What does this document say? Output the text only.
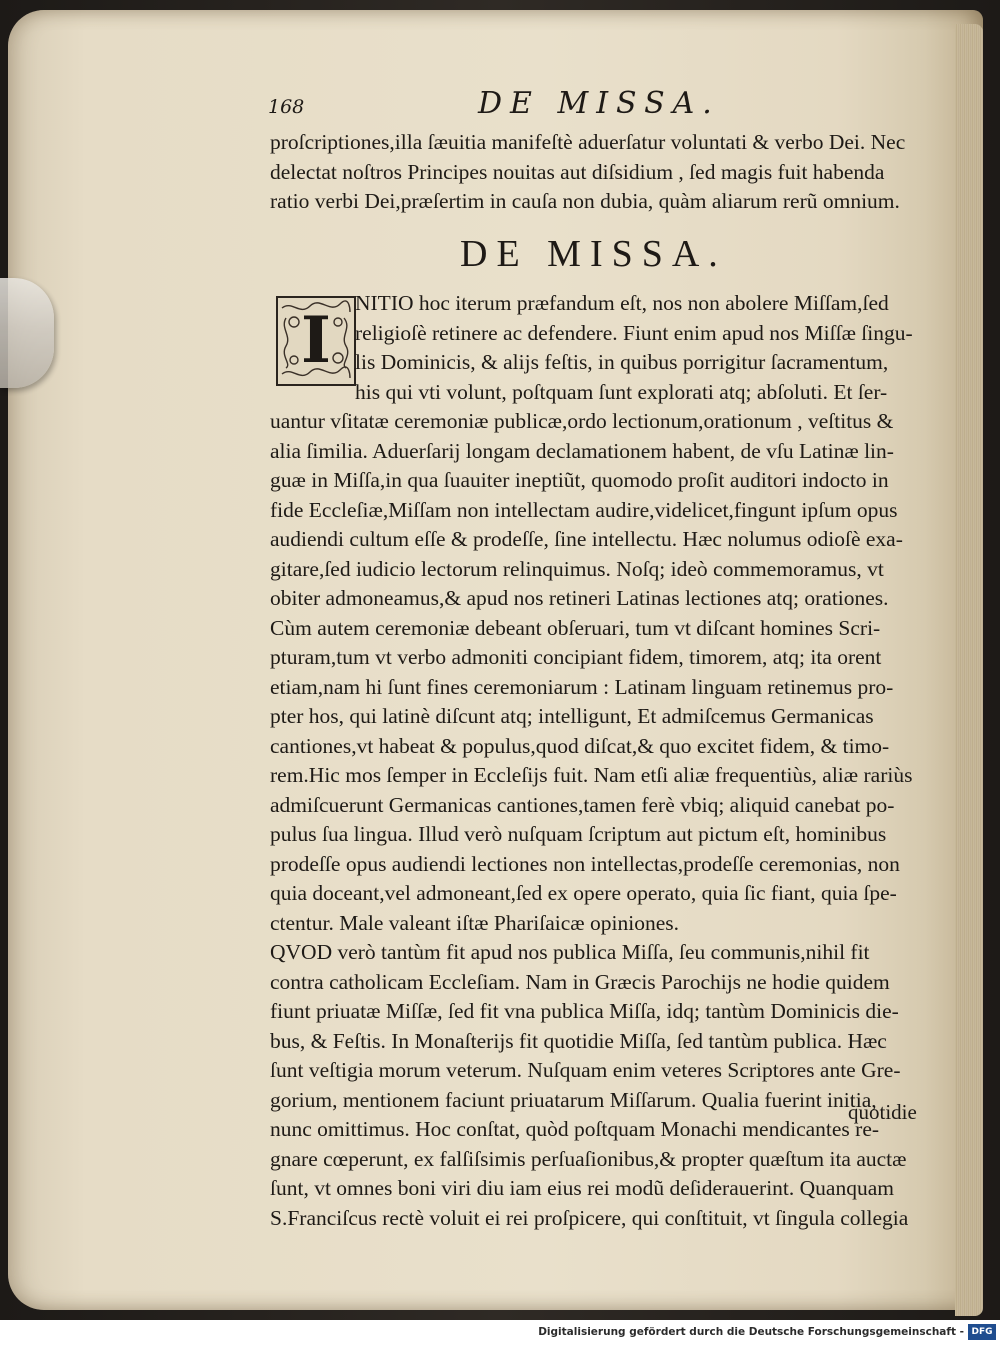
168	DE MISSA.
proſcriptiones,illa ſæuitia manifeſtè aduerſatur voluntati & verbo Dei. Nec
delectat noſtros Principes nouitas aut diſsidium , ſed magis fuit habenda
ratio verbi Dei,præſertim in cauſa non dubia, quàm aliarum rerũ omnium.
DE MISSA.
I	NITIO hoc iterum præfandum eſt, nos non abolere Miſſam,ſed
religioſè retinere ac defendere. Fiunt enim apud nos Miſſæ ſingu-
lis Dominicis, & alijs feſtis, in quibus porrigitur ſacramentum,
his qui vti volunt, poſtquam ſunt explorati atq; abſoluti. Et ſer-
uantur vſitatæ ceremoniæ publicæ,ordo lectionum,orationum , veſtitus &
alia ſimilia. Aduerſarij longam declamationem habent, de vſu Latinæ lin-
guæ in Miſſa,in qua ſuauiter ineptiũt, quomodo proſit auditori indocto in
fide Eccleſiæ,Miſſam non intellectam audire,videlicet,fingunt ipſum opus
audiendi cultum eſſe & prodeſſe, ſine intellectu. Hæc nolumus odioſè exa-
gitare,ſed iudicio lectorum relinquimus. Noſq; ideò commemoramus, vt
obiter admoneamus,& apud nos retineri Latinas lectiones atq; orationes.
Cùm autem ceremoniæ debeant obſeruari, tum vt diſcant homines Scri-
pturam,tum vt verbo admoniti concipiant fidem, timorem, atq; ita orent
etiam,nam hi ſunt fines ceremoniarum : Latinam linguam retinemus pro-
pter hos, qui latinè diſcunt atq; intelligunt, Et admiſcemus Germanicas
cantiones,vt habeat & populus,quod diſcat,& quo excitet fidem, & timo-
rem.Hic mos ſemper in Eccleſijs fuit. Nam etſi aliæ frequentiùs, aliæ rariùs
admiſcuerunt Germanicas cantiones,tamen ferè vbiq; aliquid canebat po-
pulus ſua lingua. Illud verò nuſquam ſcriptum aut pictum eſt, hominibus
prodeſſe opus audiendi lectiones non intellectas,prodeſſe ceremonias, non
quia doceant,vel admoneant,ſed ex opere operato, quia ſic fiant, quia ſpe-
ctentur. Male valeant iſtæ Phariſaicæ opiniones.
QVOD verò tantùm fit apud nos publica Miſſa, ſeu communis,nihil fit
contra catholicam Eccleſiam. Nam in Græcis Parochijs ne hodie quidem
fiunt priuatæ Miſſæ, ſed fit vna publica Miſſa, idq; tantùm Dominicis die-
bus, & Feſtis. In Monaſterijs fit quotidie Miſſa, ſed tantùm publica. Hæc
ſunt veſtigia morum veterum. Nuſquam enim veteres Scriptores ante Gre-
gorium, mentionem faciunt priuatarum Miſſarum. Qualia fuerint initia,
nunc omittimus. Hoc conſtat, quòd poſtquam Monachi mendicantes re-
gnare cœperunt, ex falſiſsimis perſuaſionibus,& propter quæſtum ita auctæ
ſunt, vt omnes boni viri diu iam eius rei modũ deſiderauerint. Quanquam
S.Franciſcus rectè voluit ei rei proſpicere, qui conſtituit, vt ſingula collegia
quotidie
Digitalisierung gefördert durch die Deutsche Forschungsgemeinschaft - DFG
